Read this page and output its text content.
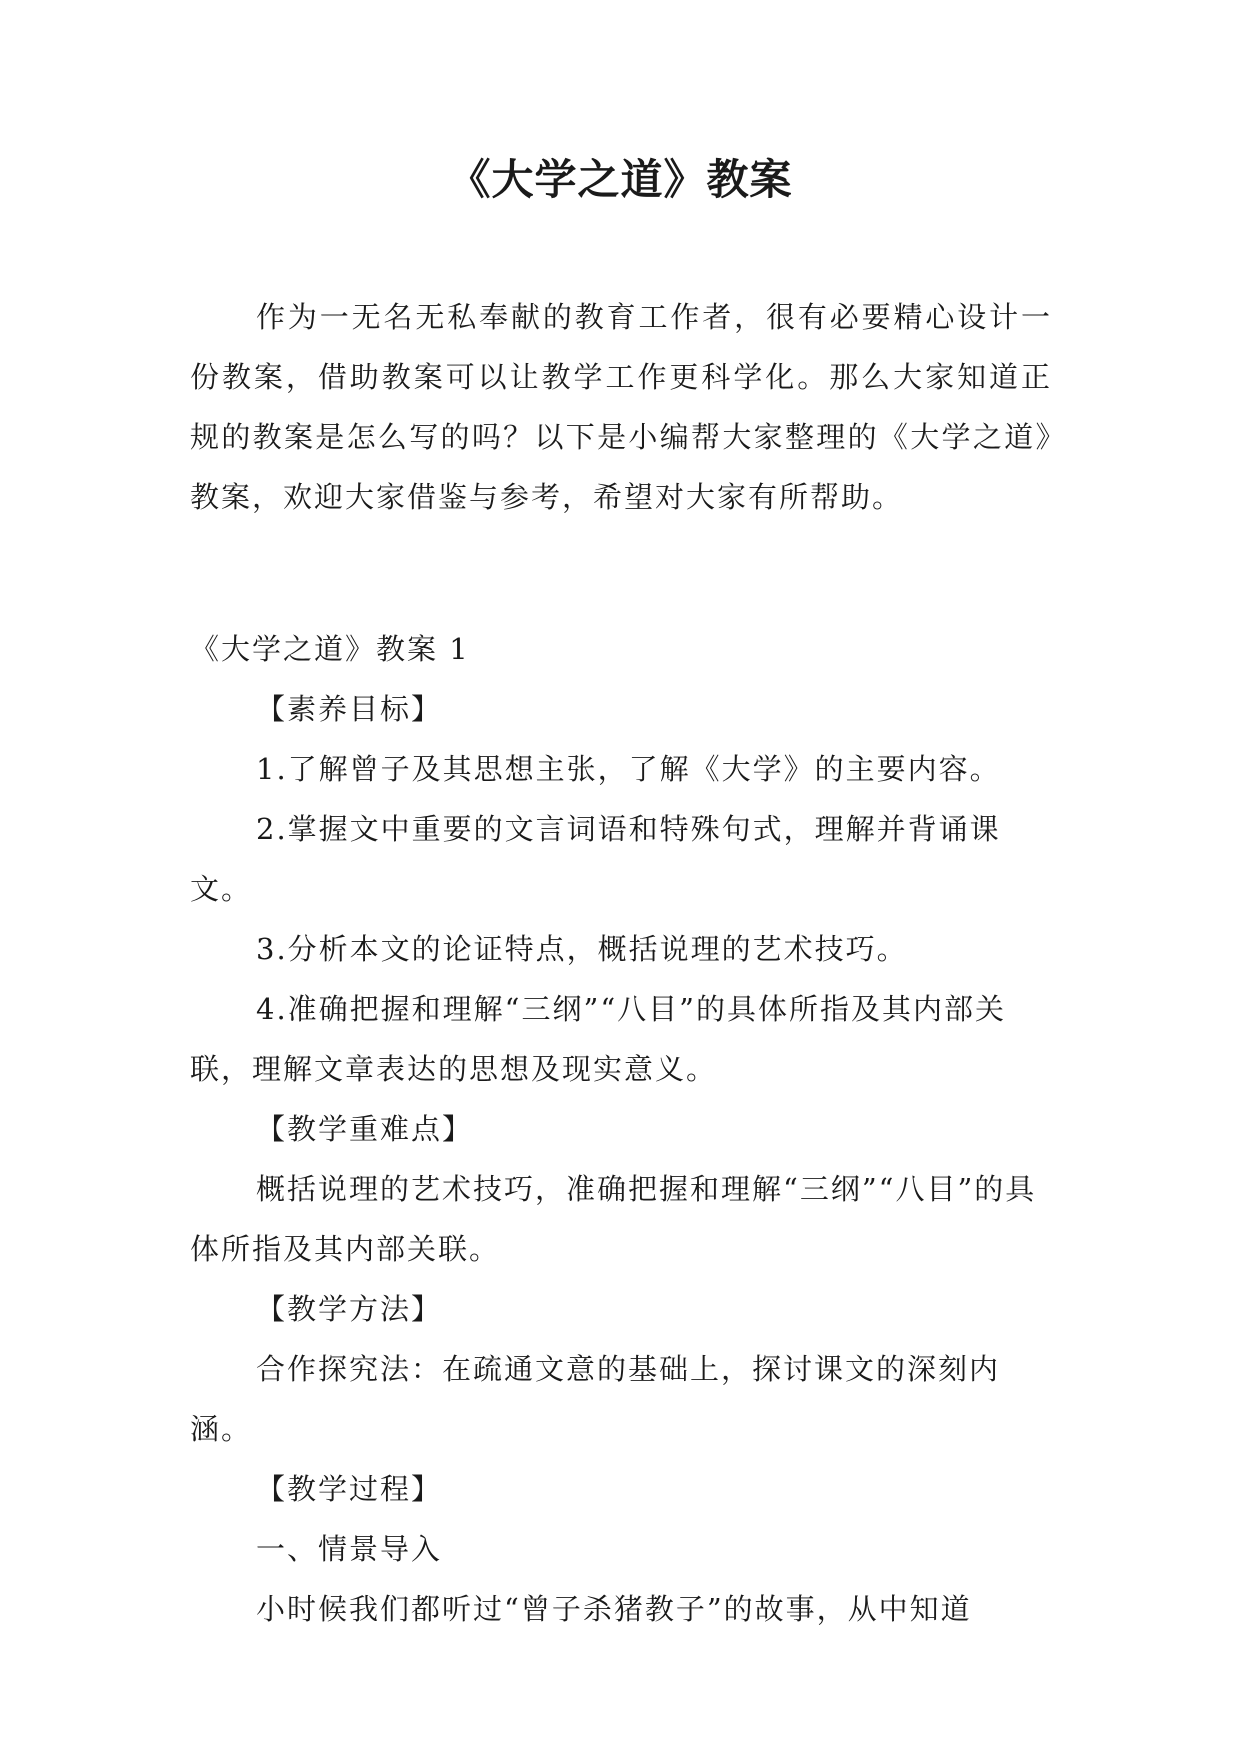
《大学之道》教案

作为一无名无私奉献的教育工作者，很有必要精心设计一份教案，借助教案可以让教学工作更科学化。那么大家知道正规的教案是怎么写的吗？以下是小编帮大家整理的《大学之道》教案，欢迎大家借鉴与参考，希望对大家有所帮助。

《大学之道》教案 1

【素养目标】

1.了解曾子及其思想主张，了解《大学》的主要内容。

2.掌握文中重要的文言词语和特殊句式，理解并背诵课文。

3.分析本文的论证特点，概括说理的艺术技巧。

4.准确把握和理解“三纲”“八目”的具体所指及其内部关联，理解文章表达的思想及现实意义。

【教学重难点】

概括说理的艺术技巧，准确把握和理解“三纲”“八目”的具体所指及其内部关联。

【教学方法】

合作探究法：在疏通文意的基础上，探讨课文的深刻内涵。

【教学过程】

一、情景导入

小时候我们都听过“曾子杀猪教子”的故事，从中知道
